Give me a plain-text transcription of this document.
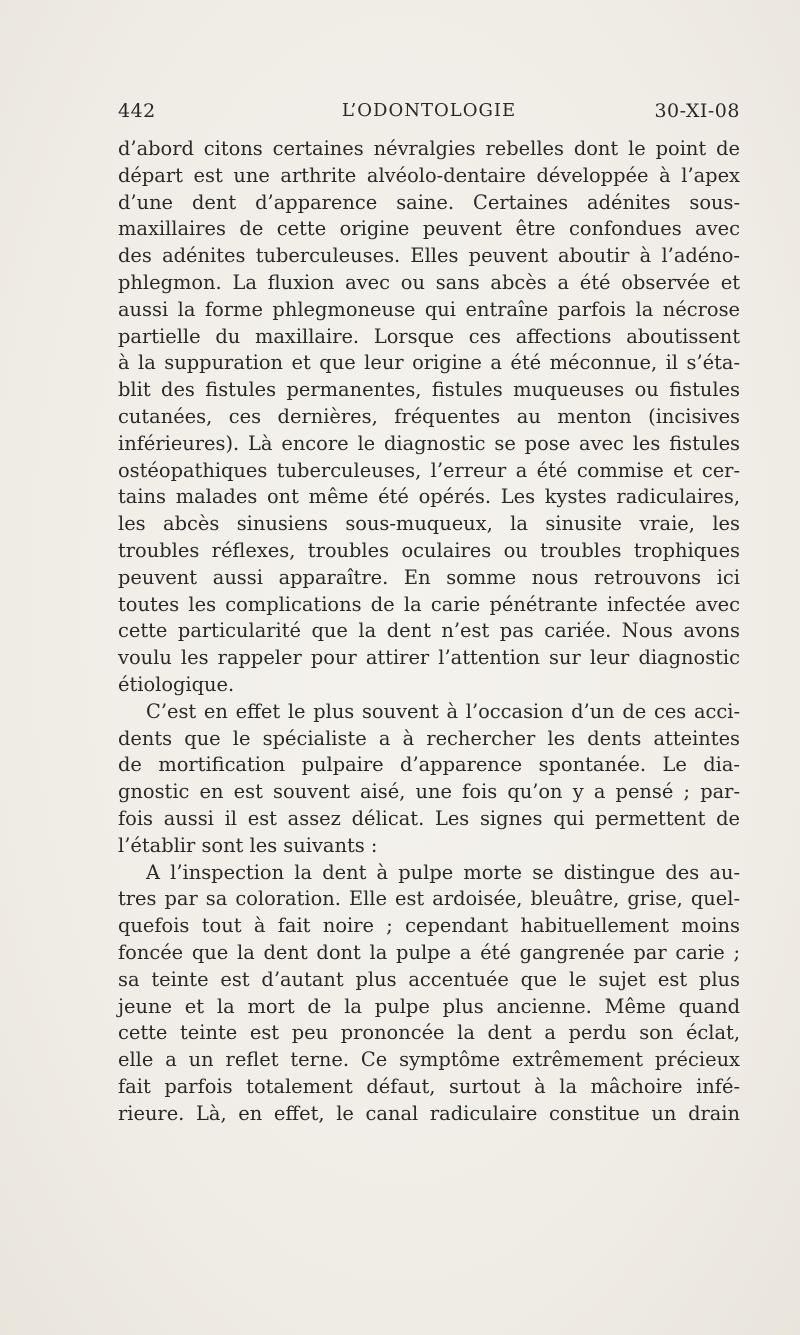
442	L’ODONTOLOGIE	30-XI-08
d’abord citons certaines névralgies rebelles dont le point de
départ est une arthrite alvéolo-dentaire développée à l’apex
d’une dent d’apparence saine. Certaines adénites sous-
maxillaires de cette origine peuvent être confondues avec
des adénites tuberculeuses. Elles peuvent aboutir à l’adéno-
phlegmon. La fluxion avec ou sans abcès a été observée et
aussi la forme phlegmoneuse qui entraîne parfois la nécrose
partielle du maxillaire. Lorsque ces affections aboutissent
à la suppuration et que leur origine a été méconnue, il s’éta-
blit des fistules permanentes, fistules muqueuses ou fistules
cutanées, ces dernières, fréquentes au menton (incisives
inférieures). Là encore le diagnostic se pose avec les fistules
ostéopathiques tuberculeuses, l’erreur a été commise et cer-
tains malades ont même été opérés. Les kystes radiculaires,
les abcès sinusiens sous-muqueux, la sinusite vraie, les
troubles réflexes, troubles oculaires ou troubles trophiques
peuvent aussi apparaître. En somme nous retrouvons ici
toutes les complications de la carie pénétrante infectée avec
cette particularité que la dent n’est pas cariée. Nous avons
voulu les rappeler pour attirer l’attention sur leur diagnostic
étiologique.
C’est en effet le plus souvent à l’occasion d’un de ces acci-
dents que le spécialiste a à rechercher les dents atteintes
de mortification pulpaire d’apparence spontanée. Le dia-
gnostic en est souvent aisé, une fois qu’on y a pensé ; par-
fois aussi il est assez délicat. Les signes qui permettent de
l’établir sont les suivants :
A l’inspection la dent à pulpe morte se distingue des au-
tres par sa coloration. Elle est ardoisée, bleuâtre, grise, quel-
quefois tout à fait noire ; cependant habituellement moins
foncée que la dent dont la pulpe a été gangrenée par carie ;
sa teinte est d’autant plus accentuée que le sujet est plus
jeune et la mort de la pulpe plus ancienne. Même quand
cette teinte est peu prononcée la dent a perdu son éclat,
elle a un reflet terne. Ce symptôme extrêmement précieux
fait parfois totalement défaut, surtout à la mâchoire infé-
rieure. Là, en effet, le canal radiculaire constitue un drain
